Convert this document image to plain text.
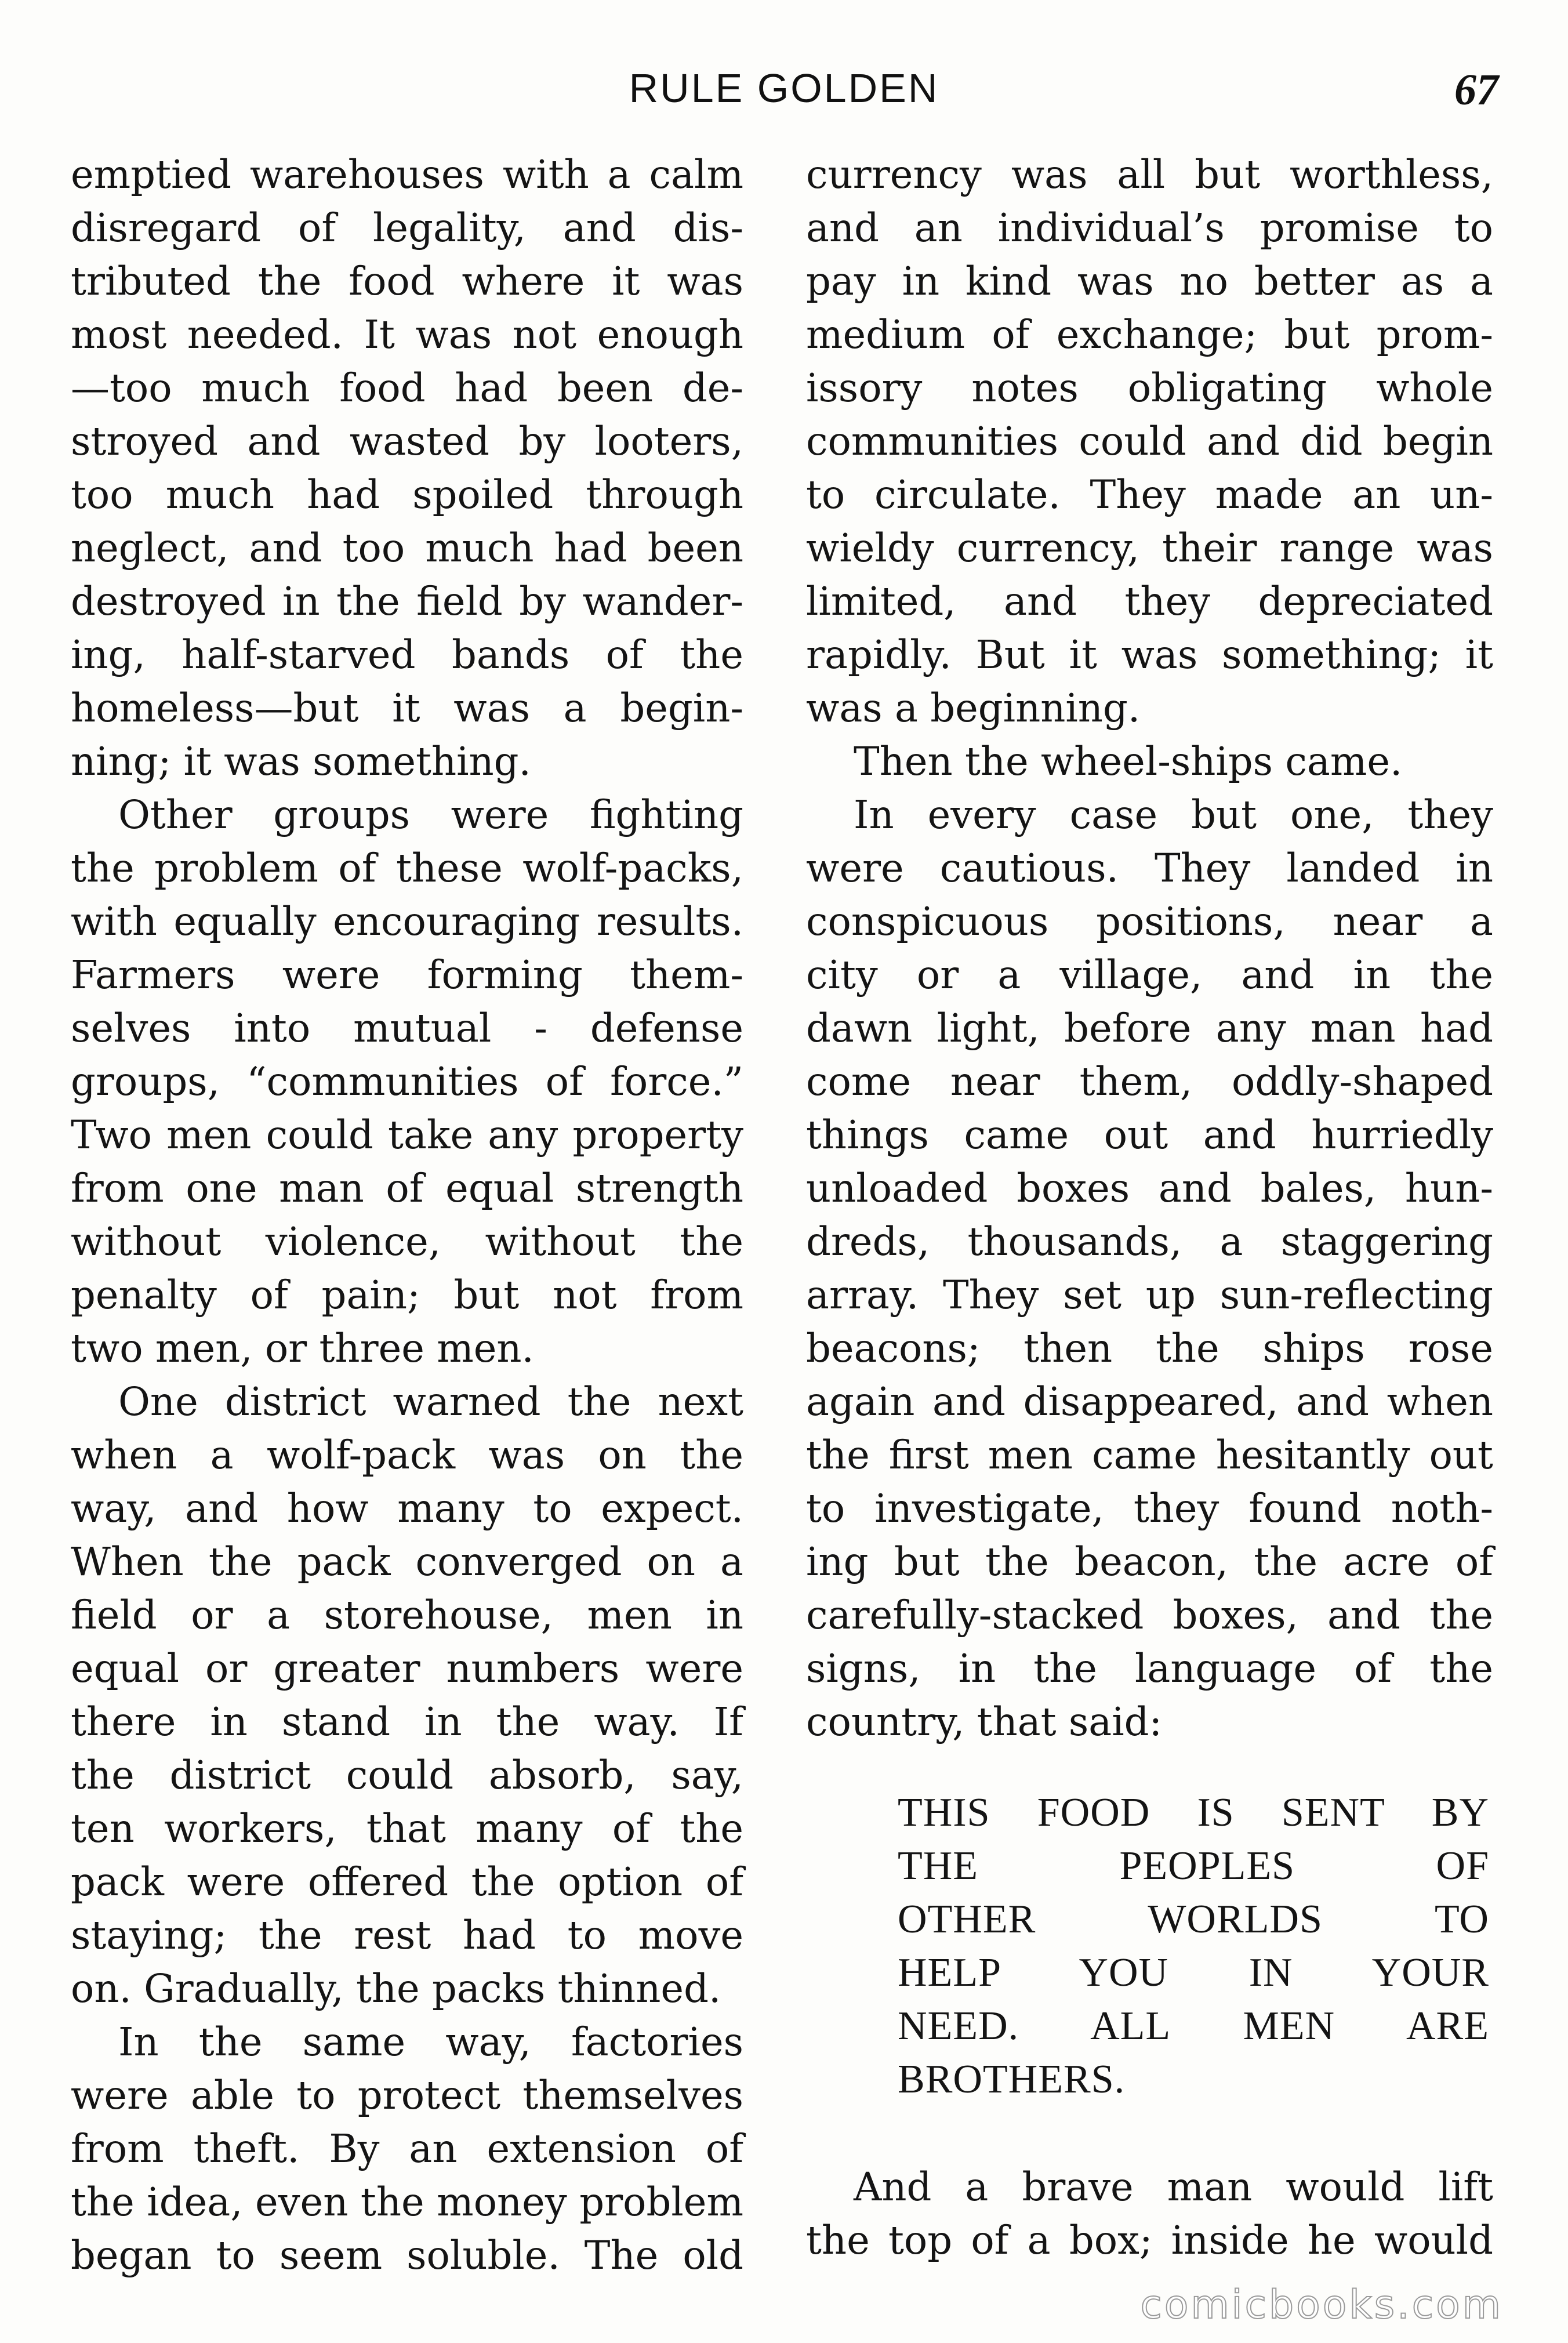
RULE GOLDEN	67
emptied warehouses with a calm
disregard of legality, and dis-
tributed the food where it was
most needed. It was not enough
—too much food had been de-
stroyed and wasted by looters,
too much had spoiled through
neglect, and too much had been
destroyed in the field by wander-
ing, half-starved bands of the
homeless—but it was a begin-
ning; it was something.
Other groups were fighting
the problem of these wolf-packs,
with equally encouraging results.
Farmers were forming them-
selves into mutual - defense
groups, “communities of force.”
Two men could take any property
from one man of equal strength
without violence, without the
penalty of pain; but not from
two men, or three men.
One district warned the next
when a wolf-pack was on the
way, and how many to expect.
When the pack converged on a
field or a storehouse, men in
equal or greater numbers were
there in stand in the way. If
the district could absorb, say,
ten workers, that many of the
pack were offered the option of
staying; the rest had to move
on. Gradually, the packs thinned.
In the same way, factories
were able to protect themselves
from theft. By an extension of
the idea, even the money problem
began to seem soluble. The old
currency was all but worthless,
and an individual’s promise to
pay in kind was no better as a
medium of exchange; but prom-
issory notes obligating whole
communities could and did begin
to circulate. They made an un-
wieldy currency, their range was
limited, and they depreciated
rapidly. But it was something; it
was a beginning.
Then the wheel-ships came.
In every case but one, they
were cautious. They landed in
conspicuous positions, near a
city or a village, and in the
dawn light, before any man had
come near them, oddly-shaped
things came out and hurriedly
unloaded boxes and bales, hun-
dreds, thousands, a staggering
array. They set up sun-reflecting
beacons; then the ships rose
again and disappeared, and when
the first men came hesitantly out
to investigate, they found noth-
ing but the beacon, the acre of
carefully-stacked boxes, and the
signs, in the language of the
country, that said:
THIS FOOD IS SENT BY
THE PEOPLES OF
OTHER WORLDS TO
HELP YOU IN YOUR
NEED. ALL MEN ARE
BROTHERS.
And a brave man would lift
the top of a box; inside he would
comicbooks.com
